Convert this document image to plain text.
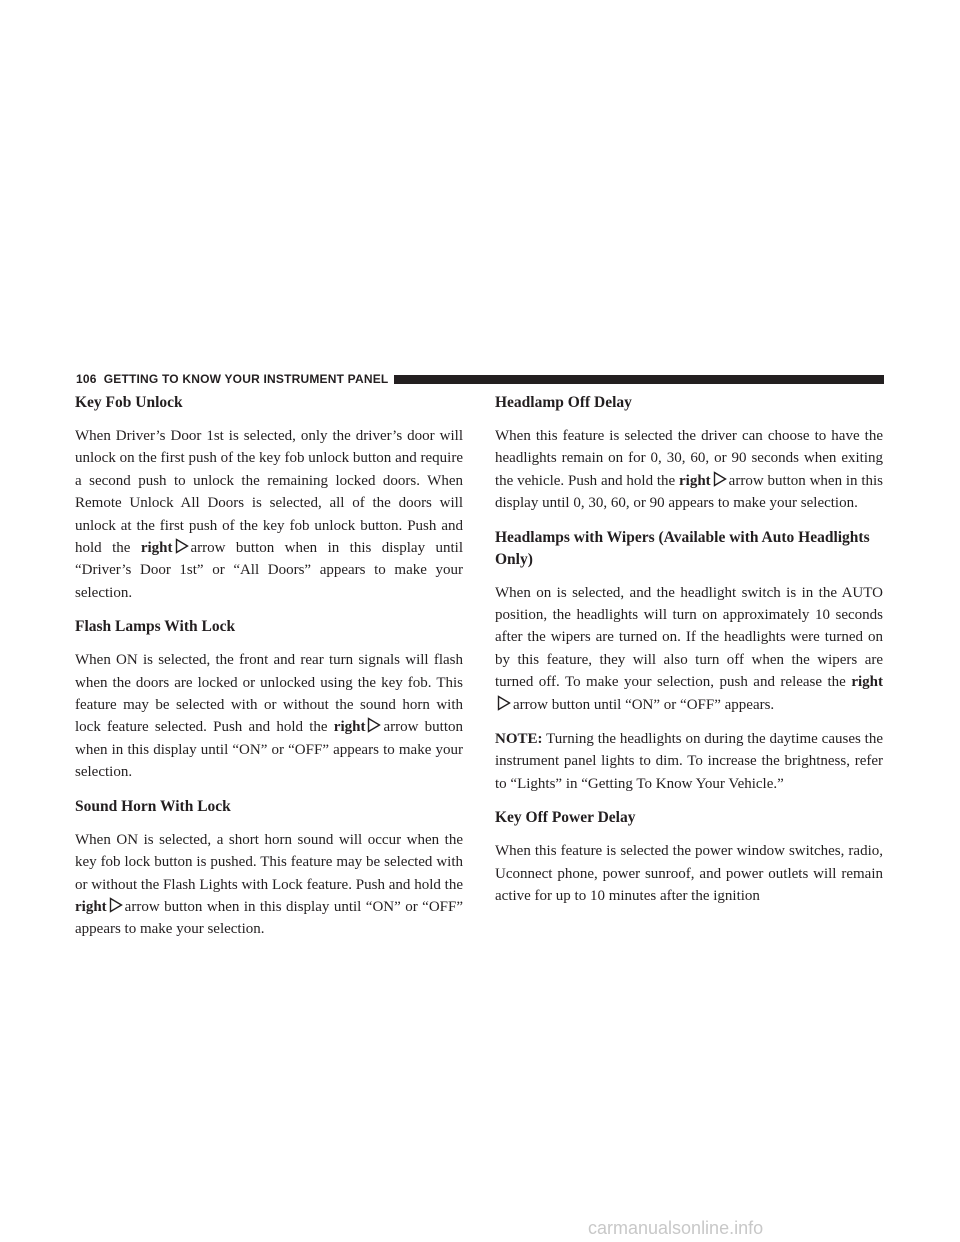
106 GETTING TO KNOW YOUR INSTRUMENT PANEL
Key Fob Unlock

When Driver’s Door 1st is selected, only the driver’s door will unlock on the first push of the key fob unlock button and require a second push to unlock the remaining locked doors. When Remote Unlock All Doors is selected, all of the doors will unlock at the first push of the key fob unlock button. Push and hold the right arrow button when in this display until “Driver’s Door 1st” or “All Doors” appears to make your selection.

Flash Lamps With Lock

When ON is selected, the front and rear turn signals will flash when the doors are locked or unlocked using the key fob. This feature may be selected with or without the sound horn with lock feature selected. Push and hold the right arrow button when in this display until “ON” or “OFF” appears to make your selection.

Sound Horn With Lock

When ON is selected, a short horn sound will occur when the key fob lock button is pushed. This feature may be selected with or without the Flash Lights with Lock feature. Push and hold the right arrow button when in this display until “ON” or “OFF” appears to make your selection.

Headlamp Off Delay

When this feature is selected the driver can choose to have the headlights remain on for 0, 30, 60, or 90 seconds when exiting the vehicle. Push and hold the right arrow button when in this display until 0, 30, 60, or 90 appears to make your selection.

Headlamps with Wipers (Available with Auto Headlights Only)

When on is selected, and the headlight switch is in the AUTO position, the headlights will turn on approximately 10 seconds after the wipers are turned on. If the headlights were turned on by this feature, they will also turn off when the wipers are turned off. To make your selection, push and release the rightarrow button until “ON” or “OFF” appears.

NOTE: Turning the headlights on during the daytime causes the instrument panel lights to dim. To increase the brightness, refer to “Lights” in “Getting To Know Your Vehicle.”

Key Off Power Delay

When this feature is selected the power window switches, radio, Uconnect phone, power sunroof, and power outlets will remain active for up to 10 minutes after the ignition

carmanualsonline.info
